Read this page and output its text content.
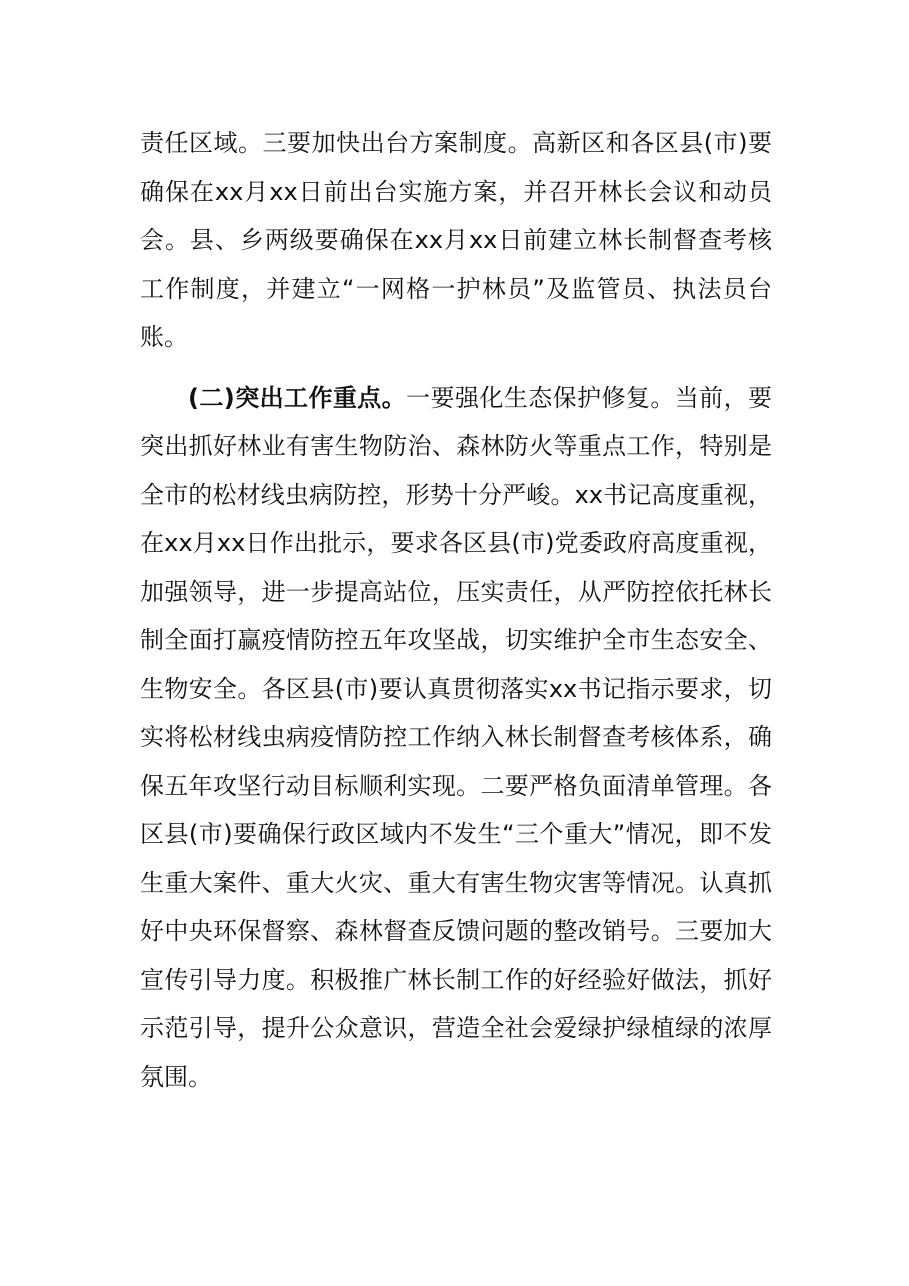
责任区域。三要加快出台方案制度。高新区和各区县(市)要确保在xx月xx日前出台实施方案，并召开林长会议和动员会。县、乡两级要确保在xx月xx日前建立林长制督查考核工作制度，并建立“一网格一护林员”及监管员、执法员台账。

(二)突出工作重点。一要强化生态保护修复。当前，要突出抓好林业有害生物防治、森林防火等重点工作，特别是全市的松材线虫病防控，形势十分严峻。xx书记高度重视，在xx月xx日作出批示，要求各区县(市)党委政府高度重视，加强领导，进一步提高站位，压实责任，从严防控依托林长制全面打赢疫情防控五年攻坚战，切实维护全市生态安全、生物安全。各区县(市)要认真贯彻落实xx书记指示要求，切实将松材线虫病疫情防控工作纳入林长制督查考核体系，确保五年攻坚行动目标顺利实现。二要严格负面清单管理。各区县(市)要确保行政区域内不发生“三个重大”情况，即不发生重大案件、重大火灾、重大有害生物灾害等情况。认真抓好中央环保督察、森林督查反馈问题的整改销号。三要加大宣传引导力度。积极推广林长制工作的好经验好做法，抓好示范引导，提升公众意识，营造全社会爱绿护绿植绿的浓厚氛围。
